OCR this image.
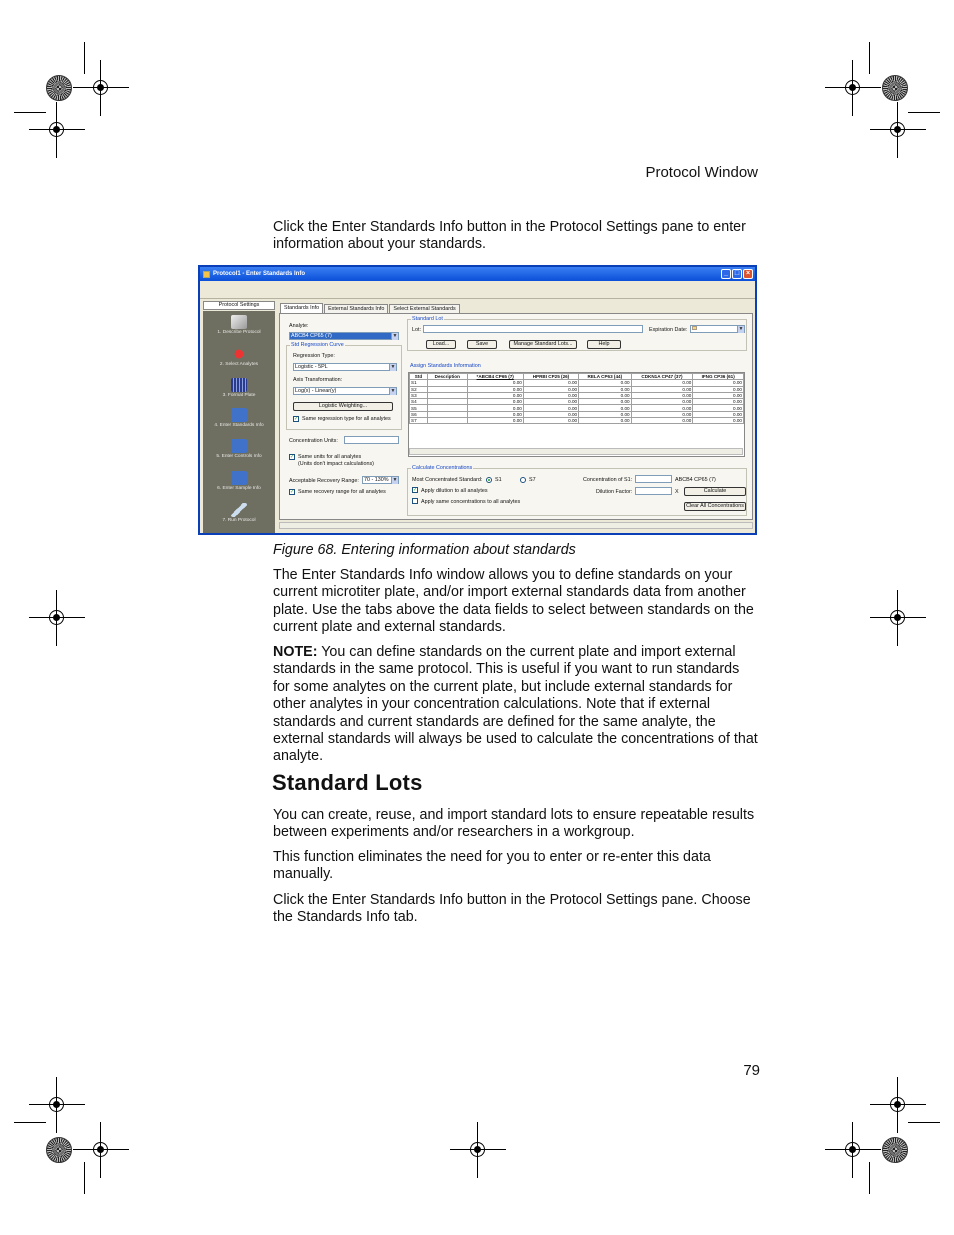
Protocol Window
Click the Enter Standards Info button in the Protocol Settings pane to enter information about your standards.
Protocol1 - Enter Standards Info	_ □ ×
Protocol Settings
1. Describe Protocol
2. Select Analytes
3. Format Plate
4. Enter Standards Info
5. Enter Controls Info
6. Enter Sample Info
7. Run Protocol
Standards Info	External Standards Info	Select External Standards
Analyte:
ABCB4 CP65 (7)	▼
Std Regression Curve
Regression Type:
Logistic - 5PL	▼
Axis Transformation:
Log(x) - Linear(y)	▼
Logistic Weighting...
✓ Same regression type for all analytes
Concentration Units:
✓ Same units for all analytes
(Units don't impact calculations)
Acceptable Recovery Range: 70 - 130% ▼
✓ Same recovery range for all analytes
Standard Lot
Lot:	Expiration Date:	▼
Load...	Save	Manage Standard Lots...	Help
Assign Standards Information
Std	Description	*ABCB4 CP65 (7)	HPRBI CP25 (26)	RELA CP63 (44)	CDKN1A CP47 (37)	IFNG CP36 (61)
S1		0.00	0.00	0.00	0.00	0.00
S2		0.00	0.00	0.00	0.00	0.00
S3		0.00	0.00	0.00	0.00	0.00
S4		0.00	0.00	0.00	0.00	0.00
S5		0.00	0.00	0.00	0.00	0.00
S6		0.00	0.00	0.00	0.00	0.00
S7		0.00	0.00	0.00	0.00	0.00
Calculate Concentrations
Most Concentrated Standard: S1	S7	Concentration of S1:	ABCB4 CP65 (7)
✓ Apply dilution to all analytes	Dilution Factor:	X	Calculate
Apply same concentrations to all analytes
Clear All Concentrations
Figure 68. Entering information about standards
The Enter Standards Info window allows you to define standards on your current microtiter plate, and/or import external standards data from another plate. Use the tabs above the data fields to select between standards on the current plate and external standards.
NOTE: You can define standards on the current plate and import external standards in the same protocol. This is useful if you want to run standards for some analytes on the current plate, but include external standards for other analytes in your concentration calculations. Note that if external standards and current standards are defined for the same analyte, the external standards will always be used to calculate the concentrations of that analyte.
Standard Lots
You can create, reuse, and import standard lots to ensure repeatable results between experiments and/or researchers in a workgroup.
This function eliminates the need for you to enter or re-enter this data manually.
Click the Enter Standards Info button in the Protocol Settings pane. Choose the Standards Info tab.
79
